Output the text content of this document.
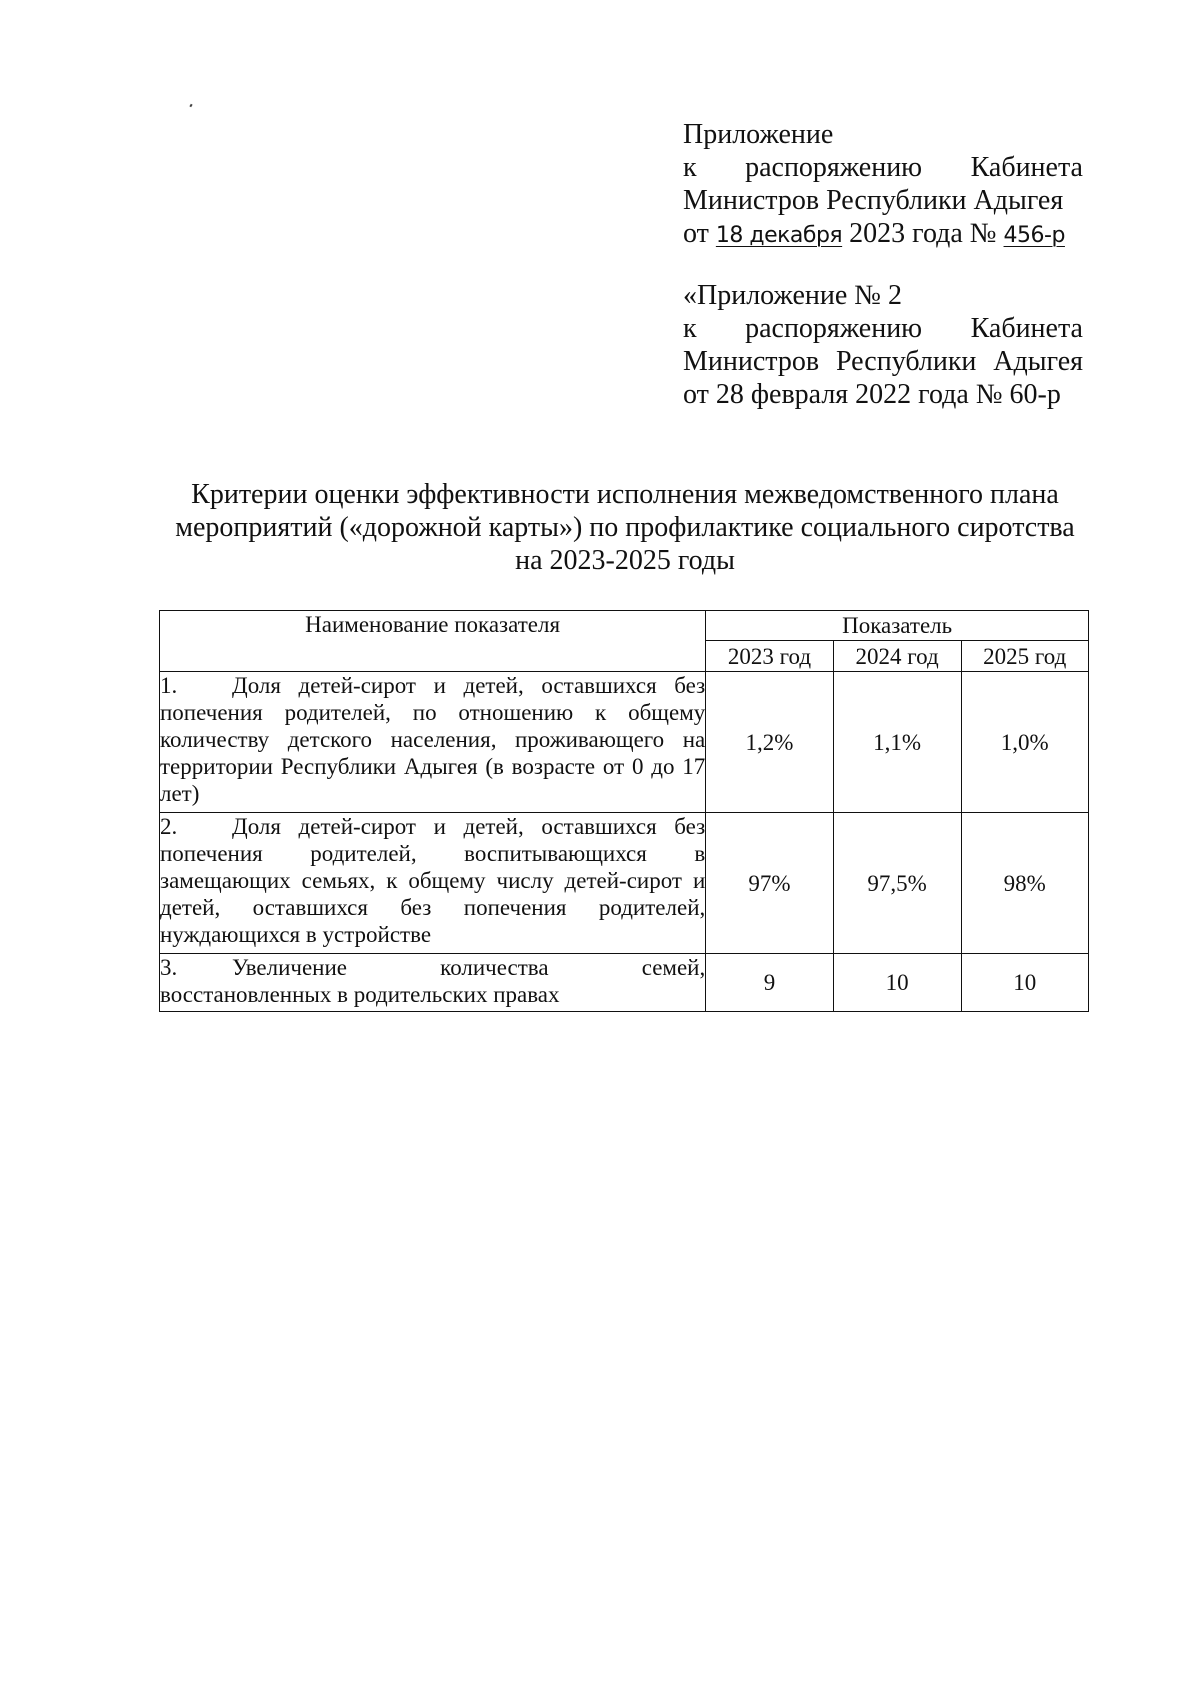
Приложение
к распоряжению Кабинета
Министров Республики Адыгея
от 18 декабря 2023 года № 456-р
«Приложение № 2
к распоряжению Кабинета
Министров Республики Адыгея
от 28 февраля 2022 года № 60-р
Критерии оценки эффективности исполнения межведомственного плана
мероприятий («дорожной карты») по профилактике социального сиротства
на 2023-2025 годы
Наименование показателя	Показатель		
	2023 год	2024 год	2025 год
1. Доля детей-сирот и детей, оставшихся без попечения родителей, по отношению к общему количеству детского населения, проживающего на территории Республики Адыгея (в возрасте от 0 до 17 лет)	1,2%	1,1%	1,0%
2. Доля детей-сирот и детей, оставшихся без попечения родителей, воспитывающихся в замещающих семьях, к общему числу детей-сирот и детей, оставшихся без попечения родителей, нуждающихся в устройстве	97%	97,5%	98%
3. Увеличение количества семей, восстановленных в родительских правах	9	10	10
